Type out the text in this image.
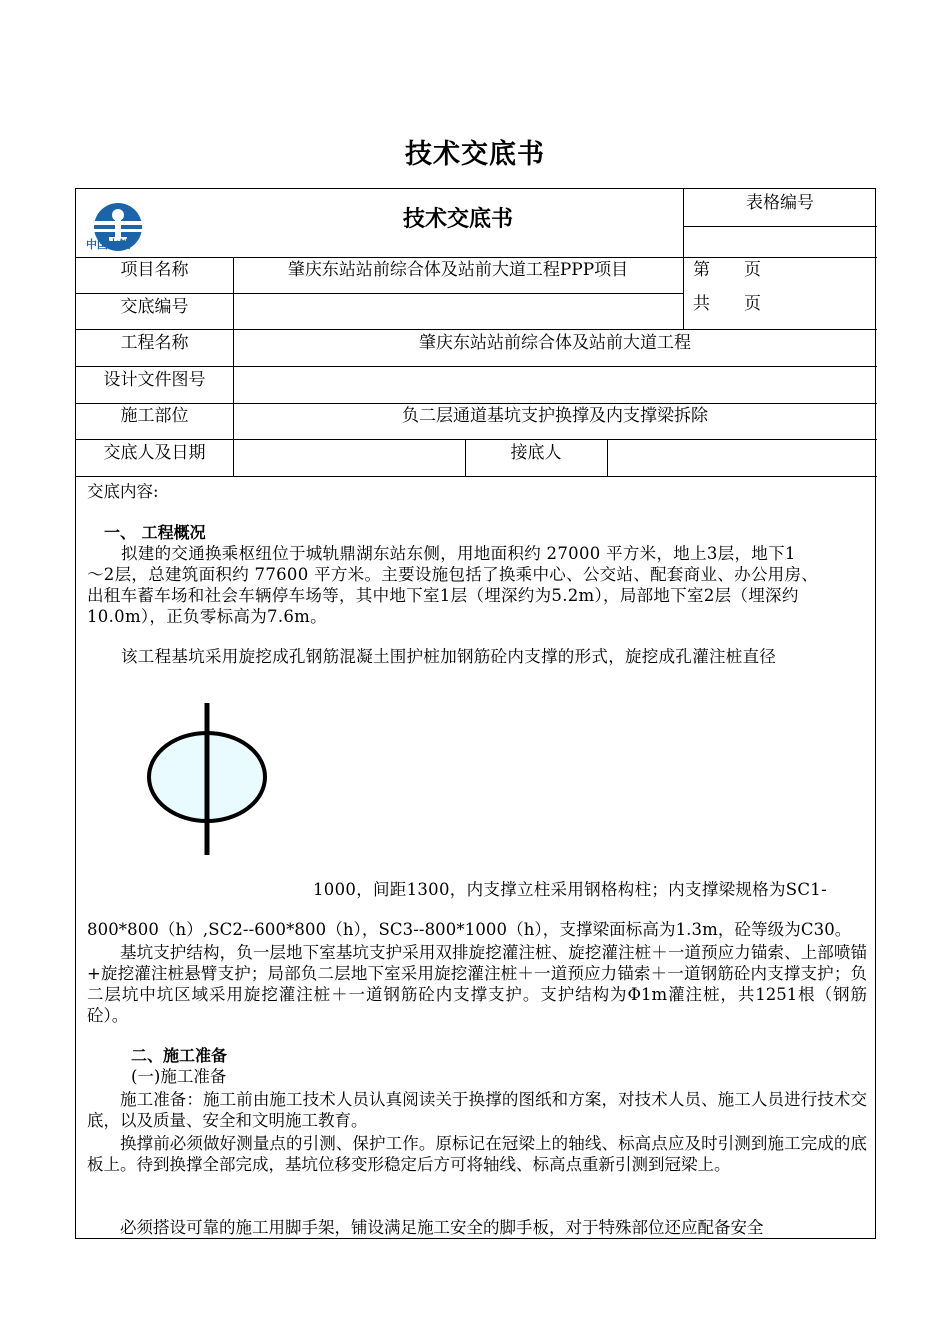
技术交底书
中国中铁
技术交底书
表格编号
项目名称	肇庆东站站前综合体及站前大道工程PPP项目	第　　页
共　　页
交底编号
工程名称	肇庆东站站前综合体及站前大道工程
设计文件图号
施工部位	负二层通道基坑支护换撑及内支撑梁拆除
交底人及日期	接底人
交底内容:
一、 工程概况
拟建的交通换乘枢纽位于城轨鼎湖东站东侧，用地面积约 27000 平方米，地上3层，地下1
～2层，总建筑面积约 77600 平方米。主要设施包括了换乘中心、公交站、配套商业、办公用房、
出租车蓄车场和社会车辆停车场等，其中地下室1层（埋深约为5.2m），局部地下室2层（埋深约
10.0m），正负零标高为7.6m。
该工程基坑采用旋挖成孔钢筋混凝土围护桩加钢筋砼内支撑的形式，旋挖成孔灌注桩直径
1000，间距1300，内支撑立柱采用钢格构柱；内支撑梁规格为SC1-
800*800（h）,SC2--600*800（h），SC3--800*1000（h），支撑梁面标高为1.3m，砼等级为C30。
基坑支护结构，负一层地下室基坑支护采用双排旋挖灌注桩、旋挖灌注桩＋一道预应力锚索、上部喷锚+旋挖灌注桩悬臂支护；局部负二层地下室采用旋挖灌注桩＋一道预应力锚索＋一道钢筋砼内支撑支护；负二层坑中坑区域采用旋挖灌注桩＋一道钢筋砼内支撑支护。支护结构为Φ1m灌注桩，共1251根（钢筋砼）。
二、施工准备
(一)施工准备
施工准备：施工前由施工技术人员认真阅读关于换撑的图纸和方案，对技术人员、施工人员进行技术交底，以及质量、安全和文明施工教育。
换撑前必须做好测量点的引测、保护工作。原标记在冠梁上的轴线、标高点应及时引测到施工完成的底板上。待到换撑全部完成，基坑位移变形稳定后方可将轴线、标高点重新引测到冠梁上。
必须搭设可靠的施工用脚手架，铺设满足施工安全的脚手板，对于特殊部位还应配备安全
